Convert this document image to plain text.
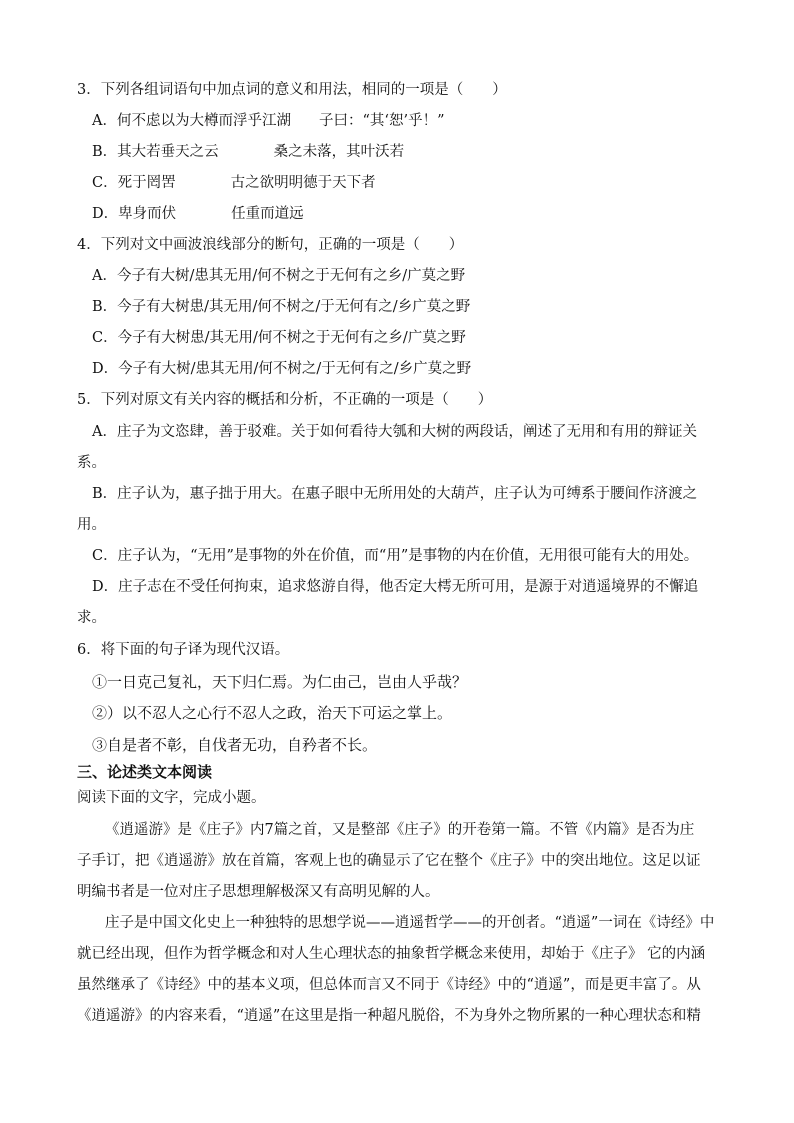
3．下列各组词语句中加点词的意义和用法，相同的一项是（　　）
A．何不虑以为大樽而浮乎江湖 子曰：“其‘恕’乎！”
B．其大若垂天之云	桑之未落，其叶沃若
C．死于罔罟	古之欲明明德于天下者
D．卑身而伏	任重而道远
4．下列对文中画波浪线部分的断句，正确的一项是（　　）
A．今子有大树/患其无用/何不树之于无何有之乡/广莫之野
B．今子有大树患/其无用/何不树之/于无何有之/乡广莫之野
C．今子有大树患/其无用/何不树之于无何有之乡/广莫之野
D．今子有大树/患其无用/何不树之/于无何有之/乡广莫之野
5．下列对原文有关内容的概括和分析，不正确的一项是（　　）
A．庄子为文恣肆，善于驳难。关于如何看待大瓠和大树的两段话，阐述了无用和有用的辩证关
系。
B．庄子认为，惠子拙于用大。在惠子眼中无所用处的大葫芦，庄子认为可缚系于腰间作济渡之
用。
C．庄子认为，“无用”是事物的外在价值，而“用”是事物的内在价值，无用很可能有大的用处。
D．庄子志在不受任何拘束，追求悠游自得，他否定大樗无所可用，是源于对逍遥境界的不懈追
求。
6．将下面的句子译为现代汉语。
①一日克己复礼，天下归仁焉。为仁由己，岂由人乎哉？
②）以不忍人之心行不忍人之政，治天下可运之掌上。
③自是者不彰，自伐者无功，自矜者不长。
三、论述类文本阅读
阅读下面的文字，完成小题。
《逍遥游》是《庄子》内7篇之首，又是整部《庄子》的开卷第一篇。不管《内篇》是否为庄
子手订，把《逍遥游》放在首篇，客观上也的确显示了它在整个《庄子》中的突出地位。这足以证
明编书者是一位对庄子思想理解极深又有高明见解的人。
庄子是中国文化史上一种独特的思想学说——逍遥哲学——的开创者。“逍遥”一词在《诗经》中
就已经出现，但作为哲学概念和对人生心理状态的抽象哲学概念来使用，却始于《庄子》 它的内涵
虽然继承了《诗经》中的基本义项，但总体而言又不同于《诗经》中的“逍遥”，而是更丰富了。从
《逍遥游》的内容来看，“逍遥”在这里是指一种超凡脱俗，不为身外之物所累的一种心理状态和精
